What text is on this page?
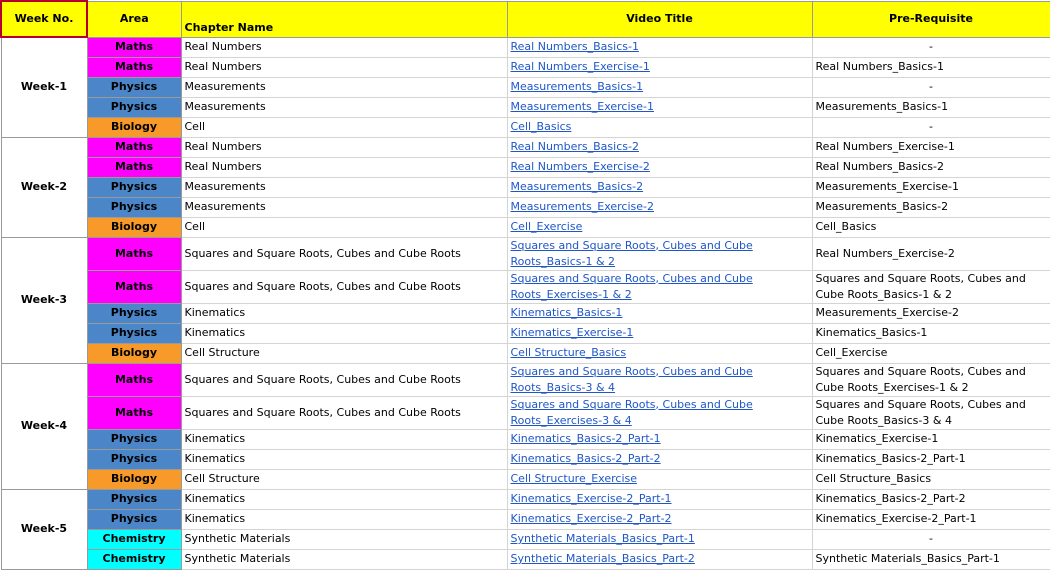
Week No.	Area	Chapter Name	Video Title	Pre-Requisite
Week-1	Maths	Real Numbers	Real Numbers_Basics-1	-
	Maths	Real Numbers	Real Numbers_Exercise-1	Real Numbers_Basics-1
	Physics	Measurements	Measurements_Basics-1	-
	Physics	Measurements	Measurements_Exercise-1	Measurements_Basics-1
	Biology	Cell	Cell_Basics	-
Week-2	Maths	Real Numbers	Real Numbers_Basics-2	Real Numbers_Exercise-1
	Maths	Real Numbers	Real Numbers_Exercise-2	Real Numbers_Basics-2
	Physics	Measurements	Measurements_Basics-2	Measurements_Exercise-1
	Physics	Measurements	Measurements_Exercise-2	Measurements_Basics-2
	Biology	Cell	Cell_Exercise	Cell_Basics
Week-3	Maths	Squares and Square Roots, Cubes and Cube Roots	Squares and Square Roots, Cubes and Cube Roots_Basics-1 & 2	Real Numbers_Exercise-2
	Maths	Squares and Square Roots, Cubes and Cube Roots	Squares and Square Roots, Cubes and Cube Roots_Exercises-1 & 2	Squares and Square Roots, Cubes and Cube Roots_Basics-1 & 2
	Physics	Kinematics	Kinematics_Basics-1	Measurements_Exercise-2
	Physics	Kinematics	Kinematics_Exercise-1	Kinematics_Basics-1
	Biology	Cell Structure	Cell Structure_Basics	Cell_Exercise
Week-4	Maths	Squares and Square Roots, Cubes and Cube Roots	Squares and Square Roots, Cubes and Cube Roots_Basics-3 & 4	Squares and Square Roots, Cubes and Cube Roots_Exercises-1 & 2
	Maths	Squares and Square Roots, Cubes and Cube Roots	Squares and Square Roots, Cubes and Cube Roots_Exercises-3 & 4	Squares and Square Roots, Cubes and Cube Roots_Basics-3 & 4
	Physics	Kinematics	Kinematics_Basics-2_Part-1	Kinematics_Exercise-1
	Physics	Kinematics	Kinematics_Basics-2_Part-2	Kinematics_Basics-2_Part-1
	Biology	Cell Structure	Cell Structure_Exercise	Cell Structure_Basics
Week-5	Physics	Kinematics	Kinematics_Exercise-2_Part-1	Kinematics_Basics-2_Part-2
	Physics	Kinematics	Kinematics_Exercise-2_Part-2	Kinematics_Exercise-2_Part-1
	Chemistry	Synthetic Materials	Synthetic Materials_Basics_Part-1	-
	Chemistry	Synthetic Materials	Synthetic Materials_Basics_Part-2	Synthetic Materials_Basics_Part-1
